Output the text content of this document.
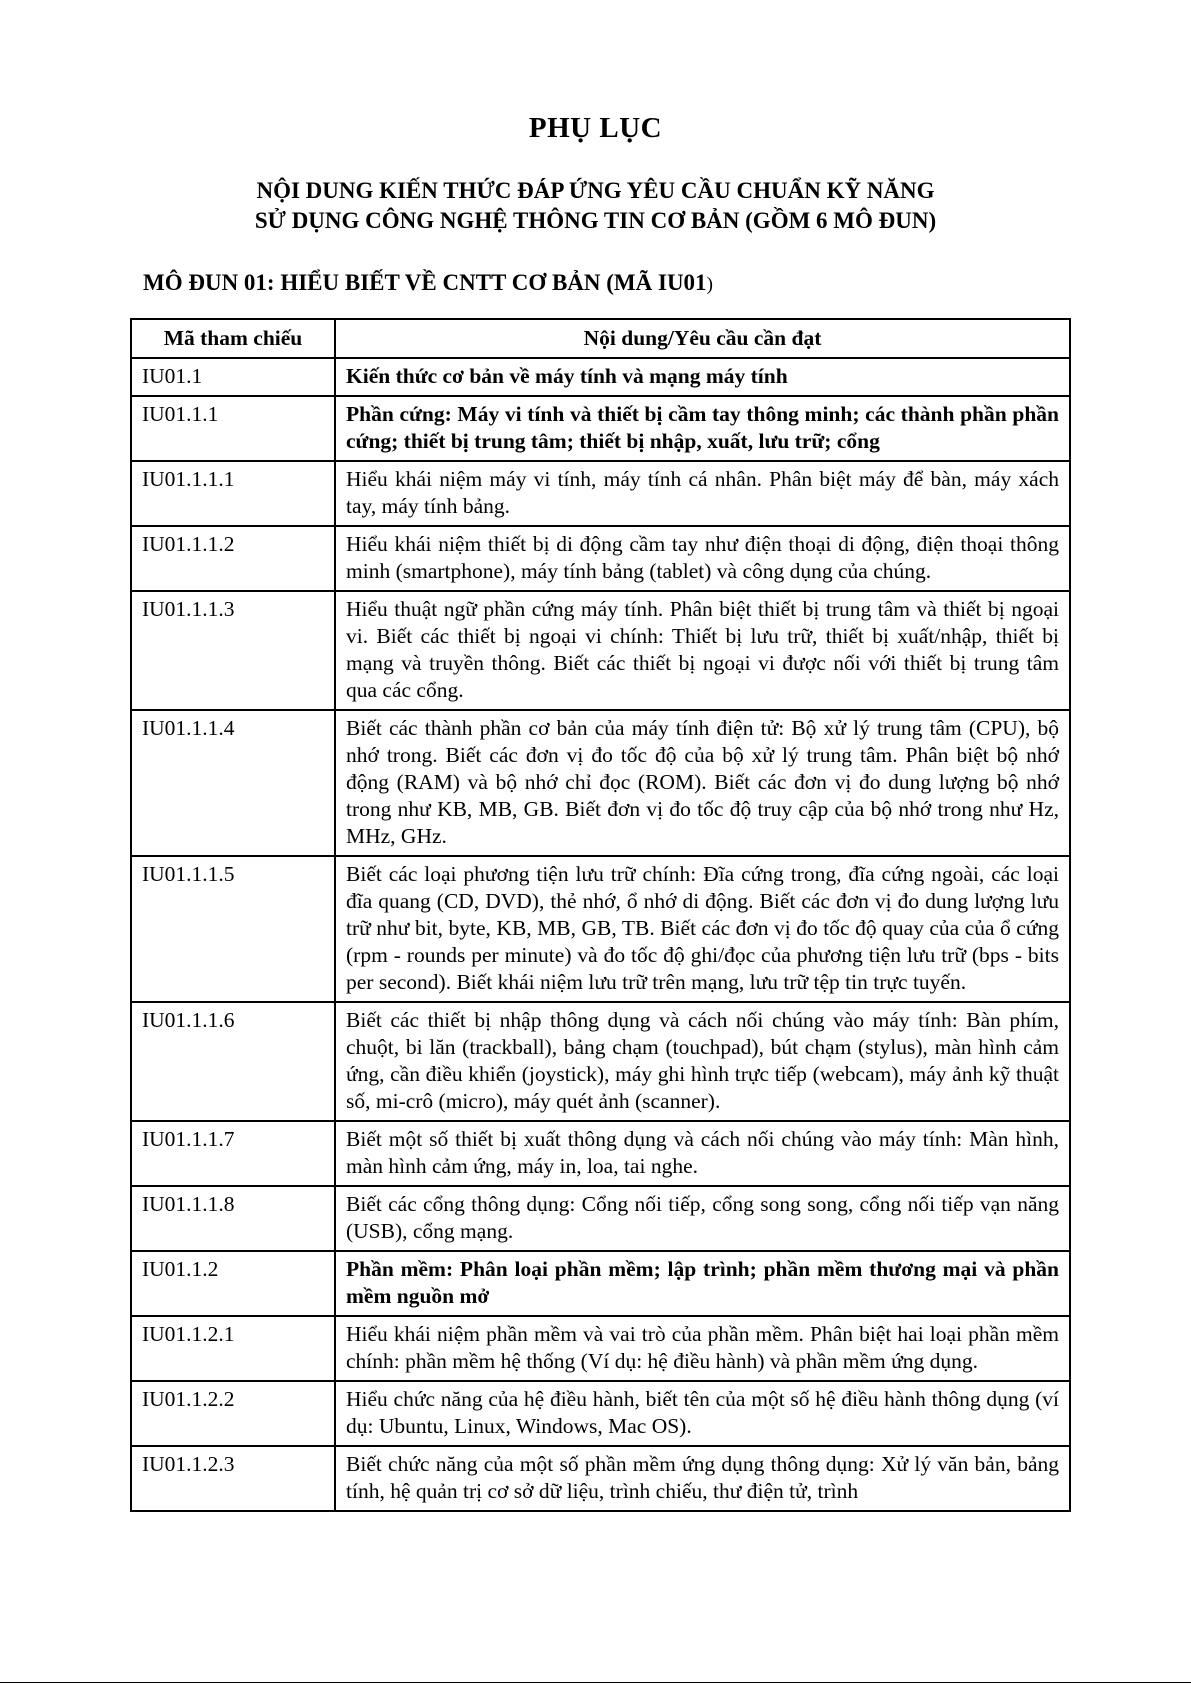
PHỤ LỤC
NỘI DUNG KIẾN THỨC ĐÁP ỨNG YÊU CẦU CHUẨN KỸ NĂNG
SỬ DỤNG CÔNG NGHỆ THÔNG TIN CƠ BẢN (GỒM 6 MÔ ĐUN)
MÔ ĐUN 01: HIỂU BIẾT VỀ CNTT CƠ BẢN (MÃ IU01)
Mã tham chiếu	Nội dung/Yêu cầu cần đạt
IU01.1	Kiến thức cơ bản về máy tính và mạng máy tính
IU01.1.1	Phần cứng: Máy vi tính và thiết bị cầm tay thông minh; các thành phần phần cứng; thiết bị trung tâm; thiết bị nhập, xuất, lưu trữ; cổng

IU01.1.1.1	Hiểu khái niệm máy vi tính, máy tính cá nhân. Phân biệt máy để bàn, máy xách tay, máy tính bảng.
IU01.1.1.2	Hiểu khái niệm thiết bị di động cầm tay như điện thoại di động, điện thoại thông minh (smartphone), máy tính bảng (tablet) và công dụng của chúng.
IU01.1.1.3	Hiểu thuật ngữ phần cứng máy tính. Phân biệt thiết bị trung tâm và thiết bị ngoại vi. Biết các thiết bị ngoại vi chính: Thiết bị lưu trữ, thiết bị xuất/nhập, thiết bị mạng và truyền thông. Biết các thiết bị ngoại vi được nối với thiết bị trung tâm qua các cổng.
IU01.1.1.4	Biết các thành phần cơ bản của máy tính điện tử: Bộ xử lý trung tâm (CPU), bộ nhớ trong. Biết các đơn vị đo tốc độ của bộ xử lý trung tâm. Phân biệt bộ nhớ động (RAM) và bộ nhớ chỉ đọc (ROM). Biết các đơn vị đo dung lượng bộ nhớ trong như KB, MB, GB. Biết đơn vị đo tốc độ truy cập của bộ nhớ trong như Hz, MHz, GHz.
IU01.1.1.5	Biết các loại phương tiện lưu trữ chính: Đĩa cứng trong, đĩa cứng ngoài, các loại đĩa quang (CD, DVD), thẻ nhớ, ổ nhớ di động. Biết các đơn vị đo dung lượng lưu trữ như bit, byte, KB, MB, GB, TB. Biết các đơn vị đo tốc độ quay của của ổ cứng (rpm - rounds per minute) và đo tốc độ ghi/đọc của phương tiện lưu trữ (bps - bits per second). Biết khái niệm lưu trữ trên mạng, lưu trữ tệp tin trực tuyến.
IU01.1.1.6	Biết các thiết bị nhập thông dụng và cách nối chúng vào máy tính: Bàn phím, chuột, bi lăn (trackball), bảng chạm (touchpad), bút chạm (stylus), màn hình cảm ứng, cần điều khiển (joystick), máy ghi hình trực tiếp (webcam), máy ảnh kỹ thuật số, mi-crô (micro), máy quét ảnh (scanner).
IU01.1.1.7	Biết một số thiết bị xuất thông dụng và cách nối chúng vào máy tính: Màn hình, màn hình cảm ứng, máy in, loa, tai nghe.
IU01.1.1.8	Biết các cổng thông dụng: Cổng nối tiếp, cổng song song, cổng nối tiếp vạn năng (USB), cổng mạng.
IU01.1.2	Phần mềm: Phân loại phần mềm; lập trình; phần mềm thương mại và phần mềm nguồn mở
IU01.1.2.1	Hiểu khái niệm phần mềm và vai trò của phần mềm. Phân biệt hai loại phần mềm chính: phần mềm hệ thống (Ví dụ: hệ điều hành) và phần mềm ứng dụng.
IU01.1.2.2	Hiểu chức năng của hệ điều hành, biết tên của một số hệ điều hành thông dụng (ví dụ: Ubuntu, Linux, Windows, Mac OS).
IU01.1.2.3	Biết chức năng của một số phần mềm ứng dụng thông dụng: Xử lý văn bản, bảng tính, hệ quản trị cơ sở dữ liệu, trình chiếu, thư điện tử, trình
